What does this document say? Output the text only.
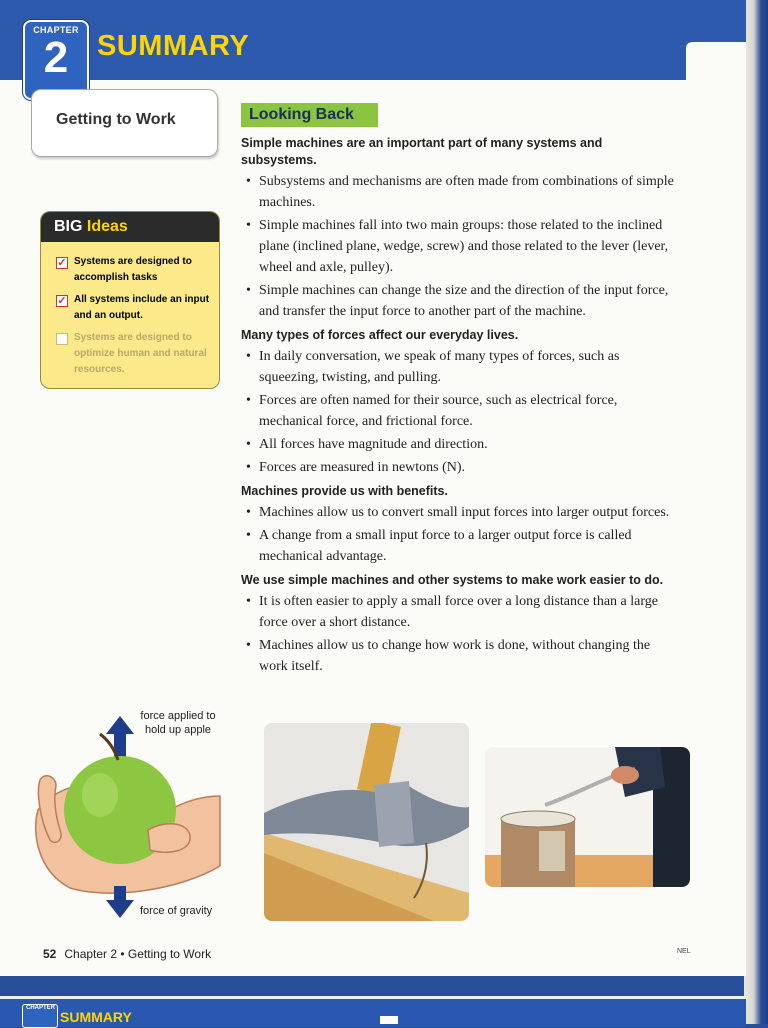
CHAPTER
2 SUMMARY
Getting to Work
BIG Ideas
✓ Systems are designed to accomplish tasks
✓ All systems include an input and an output.
Systems are designed to optimize human and natural resources.
Looking Back
Simple machines are an important part of many systems and subsystems.
• Subsystems and mechanisms are often made from combinations of simple machines.
• Simple machines fall into two main groups: those related to the inclined plane (inclined plane, wedge, screw) and those related to the lever (lever, wheel and axle, pulley).
• Simple machines can change the size and the direction of the input force, and transfer the input force to another part of the machine.
Many types of forces affect our everyday lives.
• In daily conversation, we speak of many types of forces, such as squeezing, twisting, and pulling.
• Forces are often named for their source, such as electrical force, mechanical force, and frictional force.
• All forces have magnitude and direction.
• Forces are measured in newtons (N).
Machines provide us with benefits.
• Machines allow us to convert small input forces into larger output forces.
• A change from a small input force to a larger output force is called mechanical advantage.
We use simple machines and other systems to make work easier to do.
• It is often easier to apply a small force over a long distance than a large force over a short distance.
• Machines allow us to change how work is done, without changing the work itself.
force applied to hold up apple
force of gravity
52 Chapter 2 • Getting to Work	NEL
CHAPTER
SUMMARY
